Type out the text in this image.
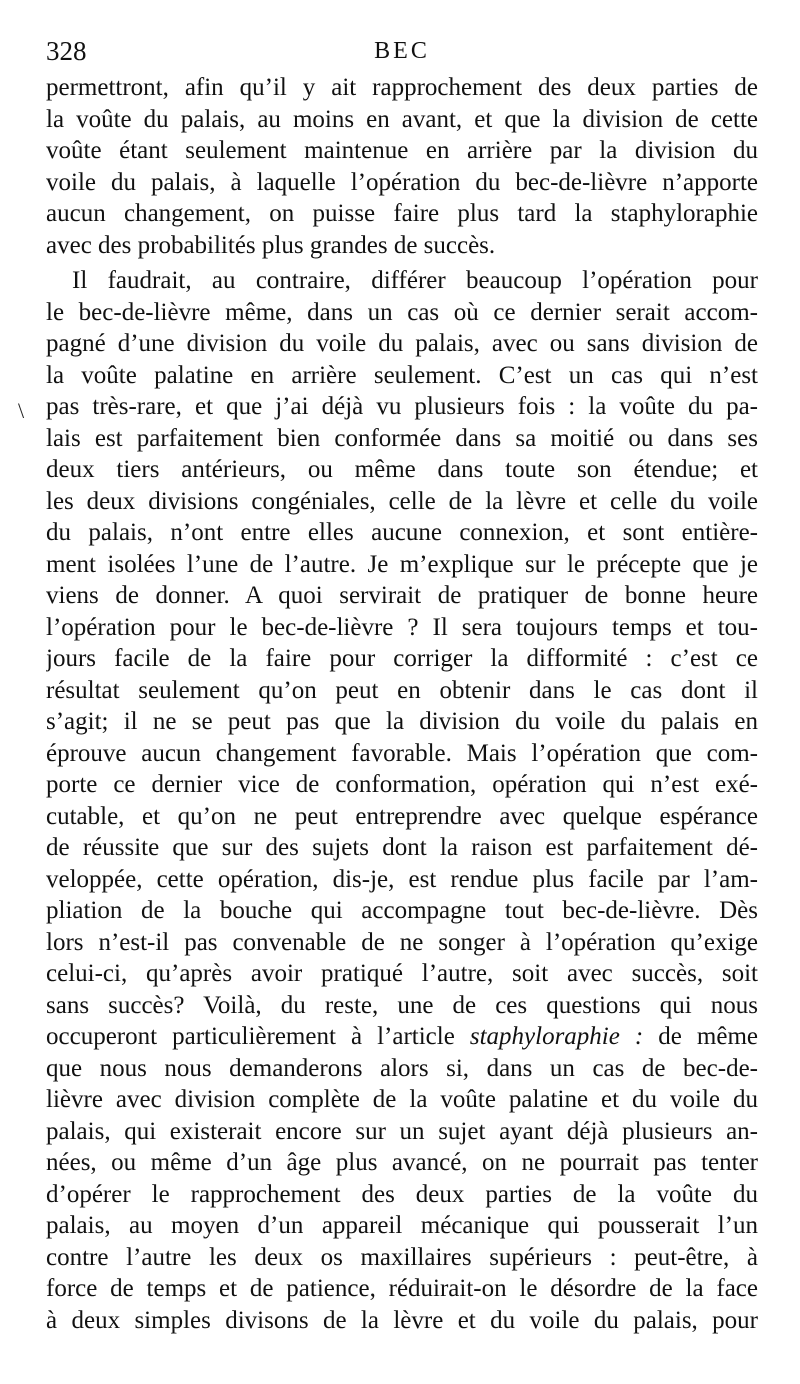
328	BEC
\
permettront, afin qu’il y ait rapprochement des deux parties de
la voûte du palais, au moins en avant, et que la division de cette
voûte étant seulement maintenue en arrière par la division du
voile du palais, à laquelle l’opération du bec-de-lièvre n’apporte
aucun changement, on puisse faire plus tard la staphyloraphie
avec des probabilités plus grandes de succès.
Il faudrait, au contraire, différer beaucoup l’opération pour
le bec-de-lièvre même, dans un cas où ce dernier serait accom-
pagné d’une division du voile du palais, avec ou sans division de
la voûte palatine en arrière seulement. C’est un cas qui n’est
pas très-rare, et que j’ai déjà vu plusieurs fois : la voûte du pa-
lais est parfaitement bien conformée dans sa moitié ou dans ses
deux tiers antérieurs, ou même dans toute son étendue; et
les deux divisions congéniales, celle de la lèvre et celle du voile
du palais, n’ont entre elles aucune connexion, et sont entière-
ment isolées l’une de l’autre. Je m’explique sur le précepte que je
viens de donner. A quoi servirait de pratiquer de bonne heure
l’opération pour le bec-de-lièvre ? Il sera toujours temps et tou-
jours facile de la faire pour corriger la difformité : c’est ce
résultat seulement qu’on peut en obtenir dans le cas dont il
s’agit; il ne se peut pas que la division du voile du palais en
éprouve aucun changement favorable. Mais l’opération que com-
porte ce dernier vice de conformation, opération qui n’est exé-
cutable, et qu’on ne peut entreprendre avec quelque espérance
de réussite que sur des sujets dont la raison est parfaitement dé-
veloppée, cette opération, dis-je, est rendue plus facile par l’am-
pliation de la bouche qui accompagne tout bec-de-lièvre. Dès
lors n’est-il pas convenable de ne songer à l’opération qu’exige
celui-ci, qu’après avoir pratiqué l’autre, soit avec succès, soit
sans succès? Voilà, du reste, une de ces questions qui nous
occuperont particulièrement à l’article staphyloraphie : de même
que nous nous demanderons alors si, dans un cas de bec-de-
lièvre avec division complète de la voûte palatine et du voile du
palais, qui existerait encore sur un sujet ayant déjà plusieurs an-
nées, ou même d’un âge plus avancé, on ne pourrait pas tenter
d’opérer le rapprochement des deux parties de la voûte du
palais, au moyen d’un appareil mécanique qui pousserait l’un
contre l’autre les deux os maxillaires supérieurs : peut-être, à
force de temps et de patience, réduirait-on le désordre de la face
à deux simples divisons de la lèvre et du voile du palais, pour
